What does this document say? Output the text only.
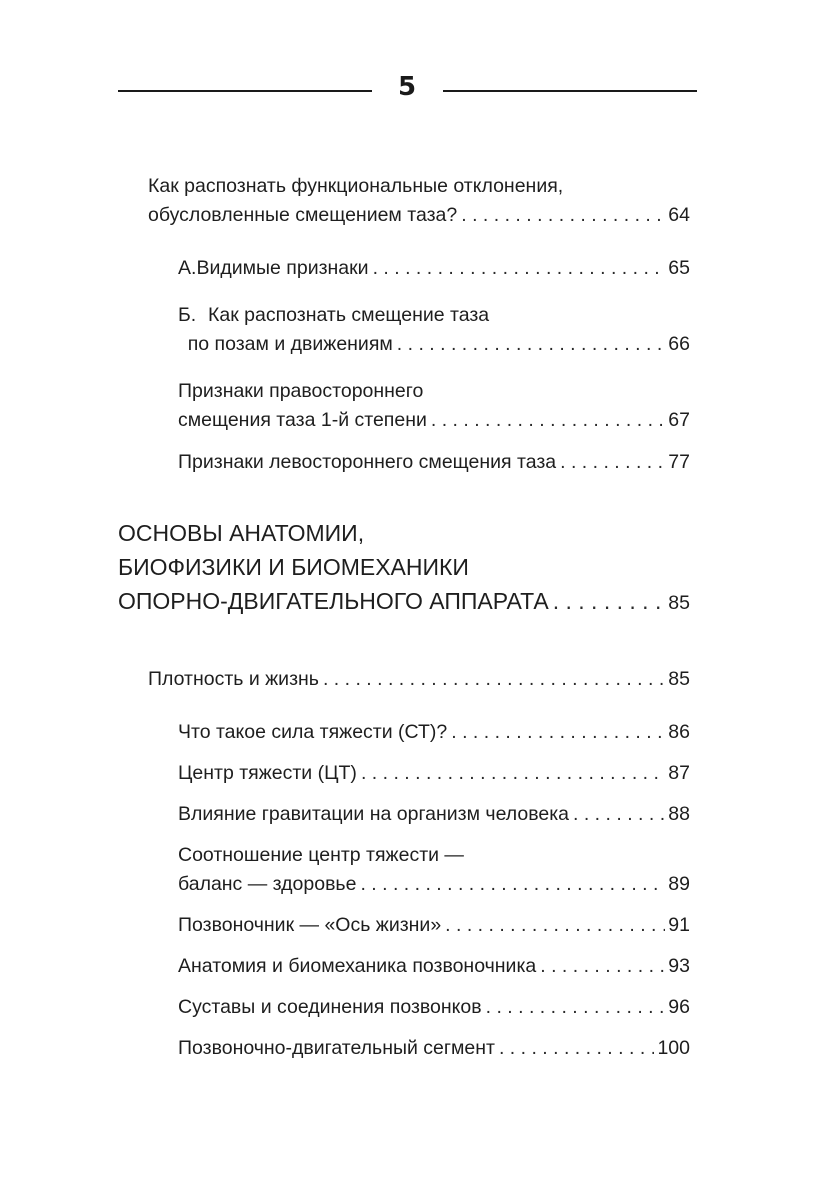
5
Как распознать функциональные отклонения,
обусловленные смещением таза? . . .	64
А. Видимые признаки . . .	65
Б. Как распознать смещение таза
по позам и движениям . . .	66
Признаки правостороннего
смещения таза 1-й степени . . .	67
Признаки левостороннего смещения таза . . .	77
ОСНОВЫ АНАТОМИИ,
БИОФИЗИКИ И БИОМЕХАНИКИ
ОПОРНО-ДВИГАТЕЛЬНОГО АППАРАТА . . .	85
Плотность и жизнь . . .	85
Что такое сила тяжести (СТ)? . . .	86
Центр тяжести (ЦТ) . . .	87
Влияние гравитации на организм человека . . .	88
Соотношение центр тяжести —
баланс — здоровье . . .	89
Позвоночник — «Ось жизни» . . .	91
Анатомия и биомеханика позвоночника . . .	93
Суставы и соединения позвонков . . .	96
Позвоночно-двигательный сегмент . . .	100
